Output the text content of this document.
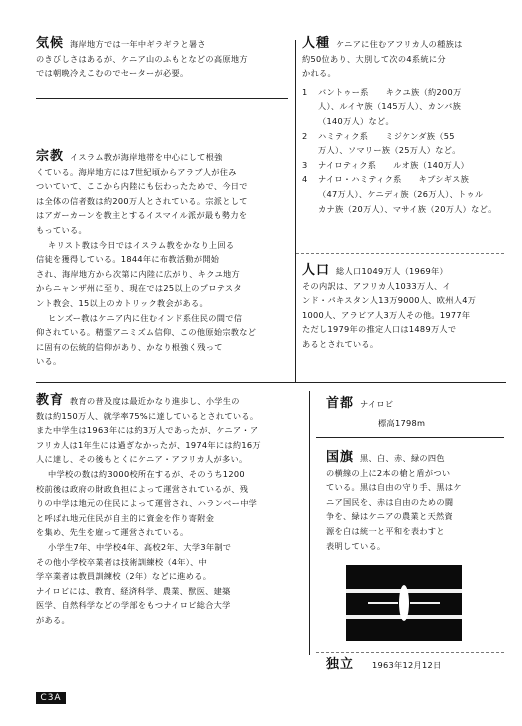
気候 海岸地方では一年中ギラギラと暑さ

のきびしさはあるが、ケニア山のふもとなどの高原地方

では朝晩冷えこむのでセーターが必要。

宗教 イスラム教が海岸地帯を中心にして根強

くている。海岸地方には7世紀頃からアラブ人が住み

ついていて、ここから内陸にも伝わったためで、今日で

は全体の信者数は約200万人とされている。宗派として

はアガーカーンを教主とするイスマイル派が最も勢力を

もっている。

キリスト教は今日ではイスラム教をかなり上回る

信徒を獲得している。1844年に布教活動が開始

され、海岸地方から次第に内陸に広がり、キクユ地方

からニャンザ州に至り、現在では25以上のプロテスタ

ント教会、15以上のカトリック教会がある。

ヒンズー教はケニア内に住むインド系住民の間で信

仰されている。精霊アニミズム信仰、この他原始宗教など

に固有の伝統的信仰があり、かなり根強く残って

いる。

人種 ケニアに住むアフリカ人の種族は

約50位あり、大別して次の4系統に分

かれる。

1	バントゥー系　　キクユ族（約200万

人）、ルイヤ族（145万人）、カンバ族

（140万人）など。

2	ハミティク系　　ミジケンダ族（55

万人）、ソマリー族（25万人）など。

3	ナイロティク系　　ルオ族（140万人）

4	ナイロ・ハミティク系　　キプシギス族

（47万人）、ケニディ族（26万人）、トゥル

カナ族（20万人）、マサイ族（20万人）など。

人口 総人口1049万人（1969年）

その内訳は、アフリカ人1033万人、イ

ンド・パキスタン人13万9000人、欧州人4万

1000人、アラビア人3万人その他。1977年

ただし1979年の推定人口は1489万人で

あるとされている。

教育 教育の普及度は最近かなり進歩し、小学生の

数は約150万人、就学率75%に達しているとされている。

また中学生は1963年には約3万人であったが、ケニア・ア

フリカ人は1年生には過ぎなかったが、1974年には約16万

人に達し、その後もとくにケニア・アフリカ人が多い。

中学校の数は約3000校所在するが、そのうち1200

校前後は政府の財政負担によって運営されているが、残

りの中学は地元の住民によって運営され、ハランベー中学

と呼ばれ地元住民が自主的に資金を作り寄附金

を集め、先生を雇って運営されている。

小学生7年、中学校4年、高校2年、大学3年制で

その他小学校卒業者は技術訓練校（4年）、中

学卒業者は教員訓練校（2年）などに進める。

ナイロビには、教育、経済科学、農業、獣医、建築

医学、自然科学などの学部をもつナイロビ総合大学

がある。

首都 ナイロビ

標高1798m

国旗 黒、白、赤、緑の四色

の横線の上に2本の槍と盾がつい

ている。黒は自由の守り手、黒はケ

ニア国民を、赤は自由のための闘

争を、緑はケニアの農業と天然資

源を白は統一と平和を表わすと

表明している。

独立 1963年12月12日

C3A
